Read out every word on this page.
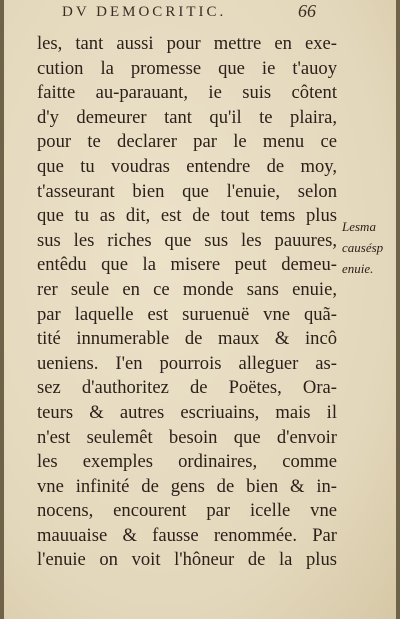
DV DEMOCRITIC.	66
les, tant aussi pour mettre en exe-
cution la promesse que ie t'auoy
faitte au-parauant, ie suis côtent
d'y demeurer tant qu'il te plaira,
pour te declarer par le menu ce
que tu voudras entendre de moy,
t'asseurant bien que l'enuie, selon
que tu as dit, est de tout tems plus
sus les riches que sus les pauures,
entêdu que la misere peut demeu-
rer seule en ce monde sans enuie,
par laquelle est suruenuë vne quã-
tité innumerable de maux & incô
ueniens. I'en pourrois alleguer as-
sez d'authoritez de Poëtes, Ora-
teurs & autres escriuains, mais il
n'est seulemêt besoin que d'envoir
les exemples ordinaires, comme
vne infinité de gens de bien & in-
nocens, encourent par icelle vne
mauuaise & fausse renommée. Par
l'enuie on voit l'hôneur de la plus
Lesma
causésp
enuie.
